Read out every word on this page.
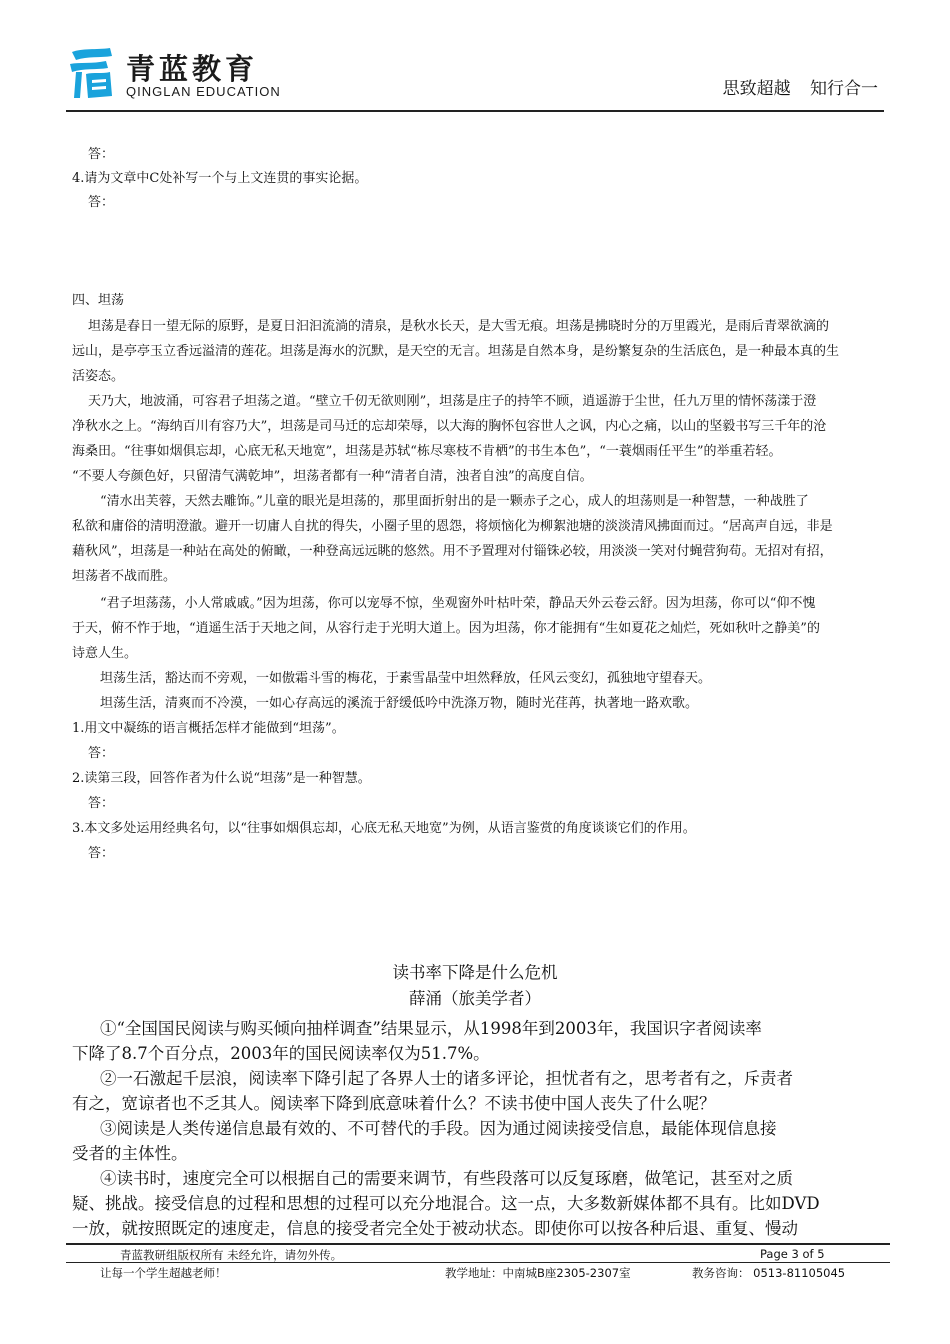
青蓝教育
QINGLAN EDUCATION	思致超越 知行合一
答：
4.请为文章中C处补写一个与上文连贯的事实论据。
答：
四、坦荡
坦荡是春日一望无际的原野，是夏日汩汩流淌的清泉，是秋水长天，是大雪无痕。坦荡是拂晓时分的万里霞光，是雨后青翠欲滴的
远山，是亭亭玉立香远溢清的莲花。坦荡是海水的沉默，是天空的无言。坦荡是自然本身，是纷繁复杂的生活底色，是一种最本真的生
活姿态。
天乃大，地波涌，可容君子坦荡之道。“壁立千仞无欲则刚”，坦荡是庄子的持竿不顾，逍遥游于尘世，任九万里的情怀荡漾于澄
净秋水之上。“海纳百川有容乃大”，坦荡是司马迁的忘却荣辱，以大海的胸怀包容世人之讽，内心之痛，以山的坚毅书写三千年的沧
海桑田。“往事如烟俱忘却，心底无私天地宽”，坦荡是苏轼“栋尽寒枝不肯栖”的书生本色”，“一蓑烟雨任平生”的举重若轻。
“不要人夸颜色好，只留清气满乾坤”，坦荡者都有一种“清者自清，浊者自浊”的高度自信。
“清水出芙蓉，天然去雕饰。”儿童的眼光是坦荡的，那里面折射出的是一颗赤子之心，成人的坦荡则是一种智慧，一种战胜了
私欲和庸俗的清明澄澈。避开一切庸人自扰的得失，小圈子里的恩怨，将烦恼化为柳絮池塘的淡淡清风拂面而过。“居高声自远，非是
藉秋风”，坦荡是一种站在高处的俯瞰，一种登高远远眺的悠然。用不予置理对付锱铢必较，用淡淡一笑对付蝇营狗苟。无招对有招，
坦荡者不战而胜。
“君子坦荡荡，小人常戚戚。”因为坦荡，你可以宠辱不惊，坐观窗外叶枯叶荣，静品天外云卷云舒。因为坦荡，你可以“仰不愧
于天，俯不怍于地，“逍遥生活于天地之间，从容行走于光明大道上。因为坦荡，你才能拥有“生如夏花之灿烂，死如秋叶之静美”的
诗意人生。
坦荡生活，豁达而不旁观，一如傲霜斗雪的梅花，于素雪晶莹中坦然释放，任风云变幻，孤独地守望春天。
坦荡生活，清爽而不冷漠，一如心存高远的溪流于舒缓低吟中洗涤万物，随时光荏苒，执著地一路欢歌。
1.用文中凝练的语言概括怎样才能做到“坦荡”。
答：
2.读第三段，回答作者为什么说“坦荡”是一种智慧。
答：
3.本文多处运用经典名句，以“往事如烟俱忘却，心底无私天地宽”为例，从语言鉴赏的角度谈谈它们的作用。
答：
读书率下降是什么危机
薛涌（旅美学者）
①“全国国民阅读与购买倾向抽样调查”结果显示，从1998年到2003年，我国识字者阅读率
下降了8.7个百分点，2003年的国民阅读率仅为51.7%。
②一石激起千层浪，阅读率下降引起了各界人士的诸多评论，担忧者有之，思考者有之，斥责者
有之，宽谅者也不乏其人。阅读率下降到底意味着什么？不读书使中国人丧失了什么呢？
③阅读是人类传递信息最有效的、不可替代的手段。因为通过阅读接受信息，最能体现信息接
受者的主体性。
④读书时，速度完全可以根据自己的需要来调节，有些段落可以反复琢磨，做笔记，甚至对之质
疑、挑战。接受信息的过程和思想的过程可以充分地混合。这一点，大多数新媒体都不具有。比如DVD
一放，就按照既定的速度走，信息的接受者完全处于被动状态。即使你可以按各种后退、重复、慢动
青蓝教研组版权所有 未经允许，请勿外传。	Page 3 of 5
让每一个学生超越老师！	教学地址：中南城B座2305-2307室	教务咨询： 0513-81105045
